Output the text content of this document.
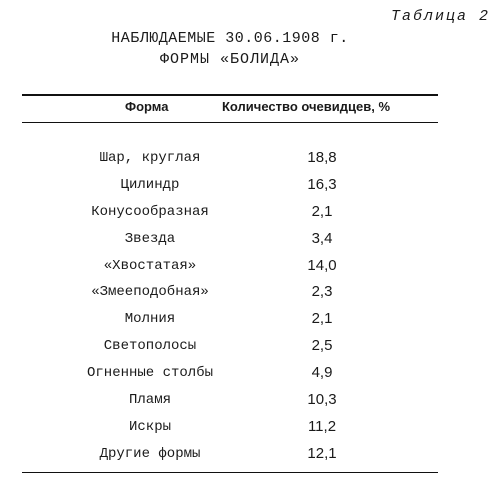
Таблица 2
НАБЛЮДАЕМЫЕ 30.06.1908 г.
ФОРМЫ «БОЛИДА»
Форма	Количество очевидцев, %
Шар, круглая	18,8
Цилиндр	16,3
Конусообразная	2,1
Звезда	3,4
«Хвостатая»	14,0
«Змееподобная»	2,3
Молния	2,1
Светополосы	2,5
Огненные столбы	4,9
Пламя	10,3
Искры	11,2
Другие формы	12,1
